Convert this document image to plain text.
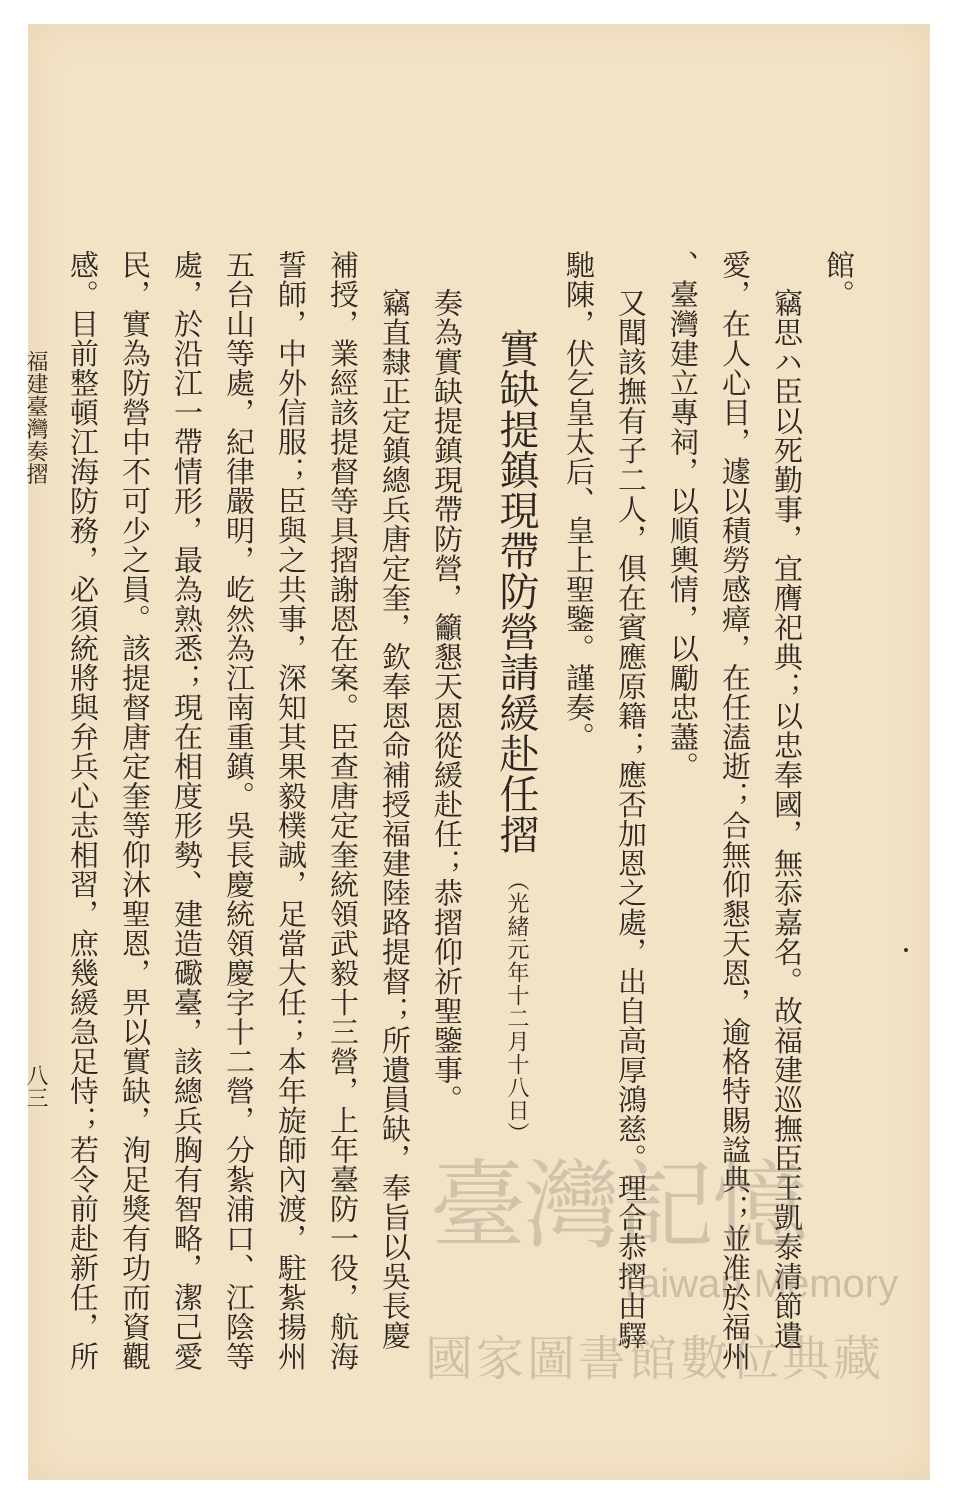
館。
竊思ハ臣以死勤事，宜膺祀典；以忠奉國，無忝嘉名。故福建巡撫臣王凱泰清節遺
愛，在人心目，遽以積勞感瘴，在任溘逝；合無仰懇天恩，逾格特賜諡典；並准於福州
、臺灣建立專祠，以順輿情，以勵忠藎。
又聞該撫有子二人，俱在賓應原籍；應否加恩之處，出自高厚鴻慈。理合恭摺由驛
馳陳，伏乞皇太后、皇上聖鑒。謹奏。
實缺提鎮現帶防營請緩赴任摺（光緒元年十二月十八日）
奏為實缺提鎮現帶防營，籲懇天恩從緩赴任；恭摺仰祈聖鑒事。
竊直隸正定鎮總兵唐定奎，欽奉恩命補授福建陸路提督；所遺員缺，奉旨以吳長慶
補授，業經該提督等具摺謝恩在案。臣查唐定奎統領武毅十三營，上年臺防一役，航海
誓師，中外信服；臣與之共事，深知其果毅樸誠，足當大任；本年旋師內渡，駐紮揚州
五台山等處，紀律嚴明，屹然為江南重鎮。吳長慶統領慶字十二營，分紮浦口、江陰等
處，於沿江一帶情形，最為熟悉；現在相度形勢、建造礮臺，該總兵胸有智略，潔己愛
民，實為防營中不可少之員。該提督唐定奎等仰沐聖恩，畀以實缺，洵足獎有功而資觀
感。目前整頓江海防務，必須統將與弁兵心志相習，庶幾緩急足恃；若令前赴新任，所
福建臺灣奏摺
八三
臺灣記憶
Taiwan Memory
國家圖書館數位典藏
